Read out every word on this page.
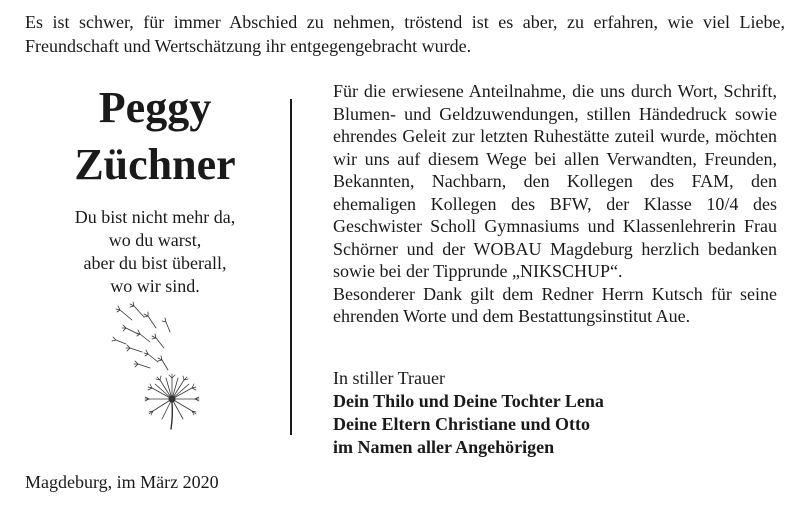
Es ist schwer, für immer Abschied zu nehmen, tröstend ist es aber, zu erfahren, wie viel Liebe, Freundschaft und Wertschätzung ihr entgegengebracht wurde.
Peggy
Züchner
Du bist nicht mehr da,
wo du warst,
aber du bist überall,
wo wir sind.
Magdeburg, im März 2020

Für die erwiesene Anteilnahme, die uns durch Wort, Schrift, Blumen- und Geldzuwendungen, stillen Händedruck sowie ehrendes Geleit zur letzten Ruhestätte zuteil wurde, möchten wir uns auf diesem Wege bei allen Verwandten, Freunden, Bekannten, Nachbarn, den Kollegen des FAM, den ehemaligen Kollegen des BFW, der Klasse 10/4 des Geschwister Scholl Gymnasiums und Klassenlehrerin Frau Schörner und der WOBAU Magdeburg herzlich bedanken sowie bei der Tipprunde „NIKSCHUP“.

Besonderer Dank gilt dem Redner Herrn Kutsch für seine ehrenden Worte und dem Bestattungsinstitut Aue.

In stiller Trauer
Dein Thilo und Deine Tochter Lena
Deine Eltern Christiane und Otto
im Namen aller Angehörigen
